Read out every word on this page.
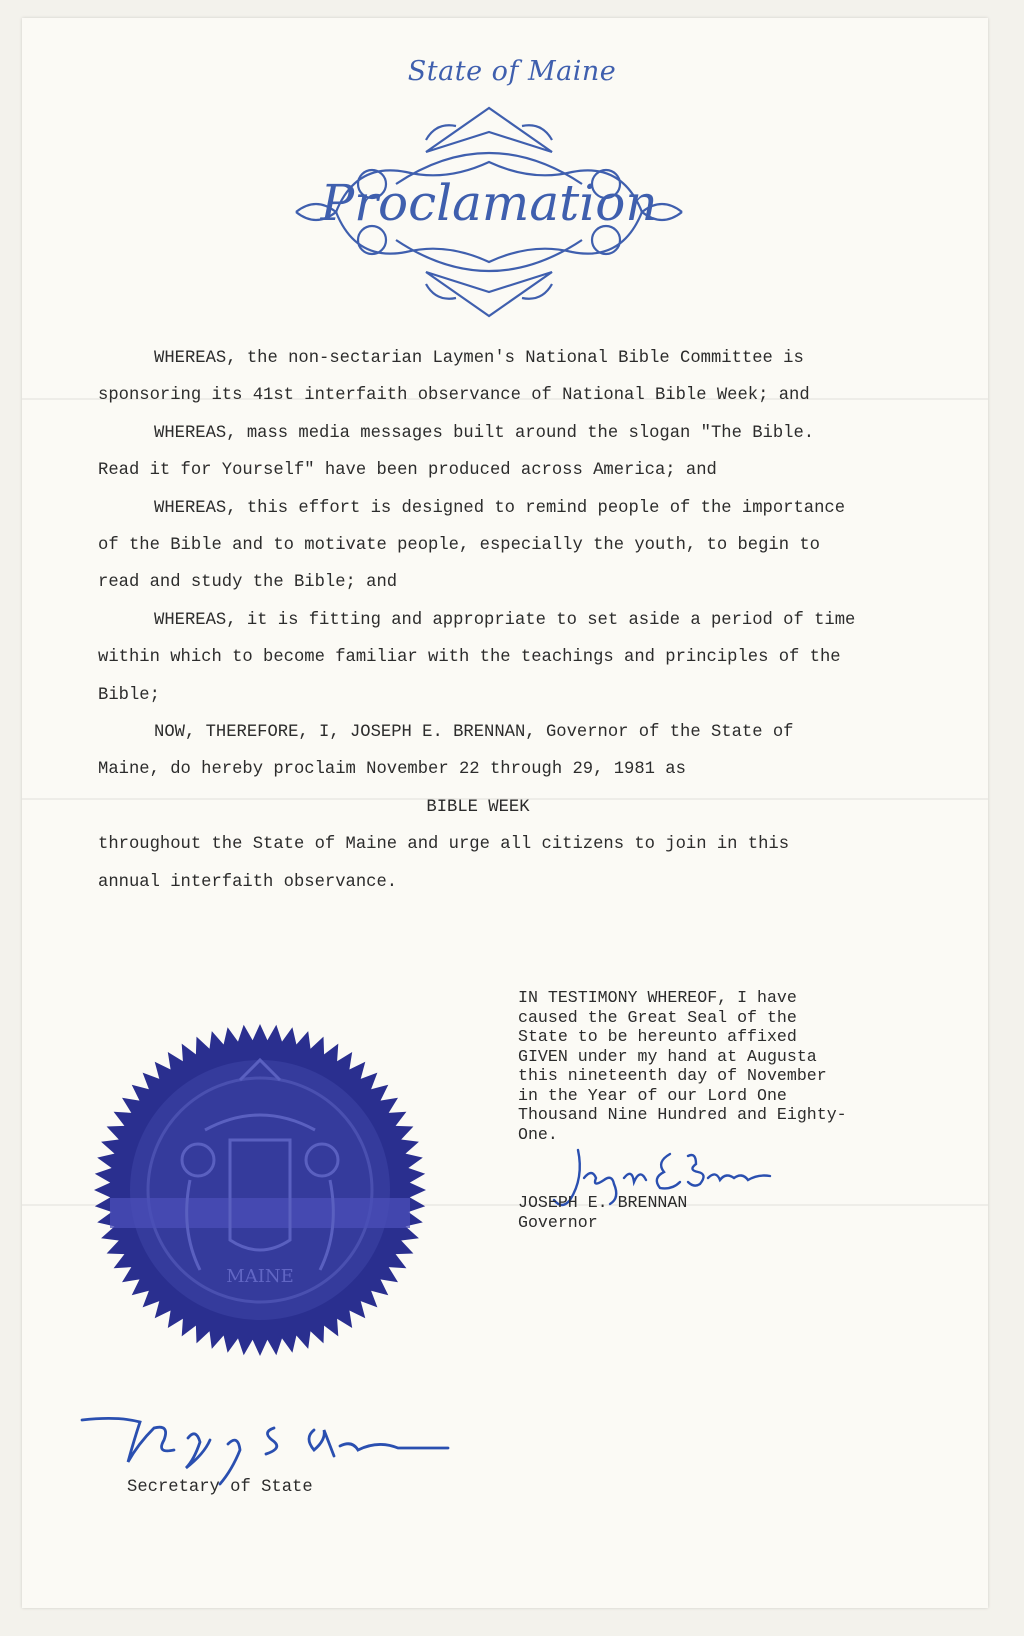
State of Maine
Proclamation

WHEREAS, the non-sectarian Laymen's National Bible Committee is sponsoring its 41st interfaith observance of National Bible Week; and

WHEREAS, mass media messages built around the slogan "The Bible. Read it for Yourself" have been produced across America; and

WHEREAS, this effort is designed to remind people of the importance of the Bible and to motivate people, especially the youth, to begin to read and study the Bible; and

WHEREAS, it is fitting and appropriate to set aside a period of time within which to become familiar with the teachings and principles of the Bible;

NOW, THEREFORE, I, JOSEPH E. BRENNAN, Governor of the State of Maine, do hereby proclaim November 22 through 29, 1981 as

BIBLE WEEK

throughout the State of Maine and urge all citizens to join in this annual interfaith observance.

IN TESTIMONY WHEREOF, I have
caused the Great Seal of the
State to be hereunto affixed
GIVEN under my hand at Augusta
this nineteenth day of November
in the Year of our Lord One
Thousand Nine Hundred and Eighty-
One.
JOSEPH E. BRENNAN
Governor
MAINE
Secretary of State
